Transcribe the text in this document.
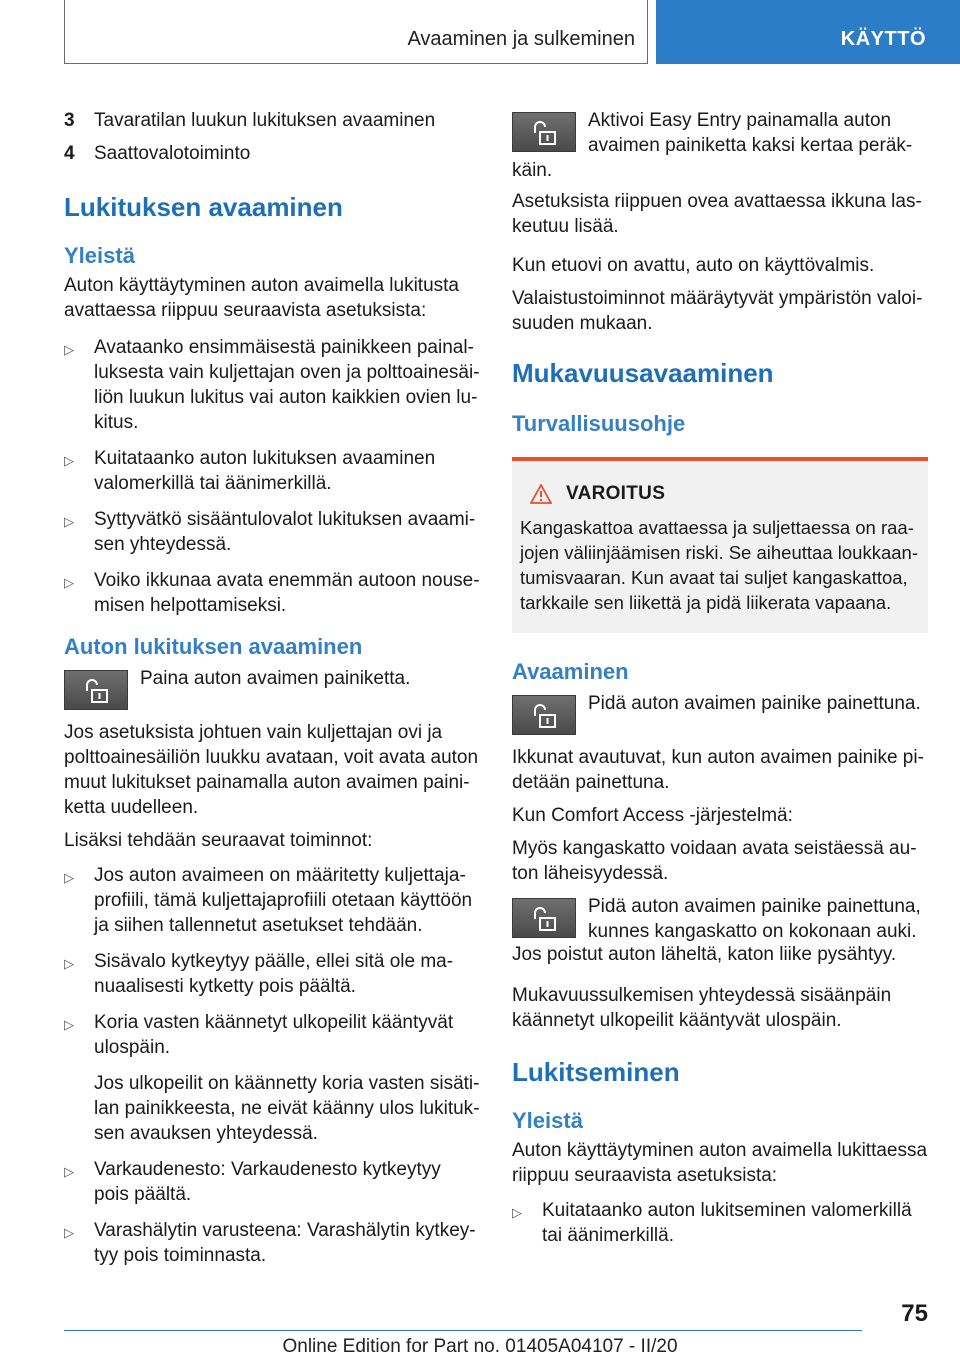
Avaaminen ja sulkeminen	KÄYTTÖ
3	Tavaratilan luukun lukituksen avaaminen
4	Saattovalotoiminto
Lukituksen avaaminen
Yleistä

Auton käyttäytyminen auton avaimella lukitusta avattaessa riippuu seuraavista asetuksista:

▷	Avataanko ensimmäisestä painikkeen painalluksesta vain kuljettajan oven ja polttoainesäiliön luukun lukitus vai auton kaikkien ovien lukitus.
▷	Kuitataanko auton lukituksen avaaminen valomerkillä tai äänimerkillä.
▷	Syttyvätkö sisääntulovalot lukituksen avaamisen yhteydessä.
▷	Voiko ikkunaa avata enemmän autoon nousemisen helpottamiseksi.
Auton lukituksen avaaminen

Paina auton avaimen painiketta.

Jos asetuksista johtuen vain kuljettajan ovi ja polttoainesäiliön luukku avataan, voit avata auton muut lukitukset painamalla auton avaimen painiketta uudelleen.

Lisäksi tehdään seuraavat toiminnot:

▷	Jos auton avaimeen on määritetty kuljettajaprofiili, tämä kuljettajaprofiili otetaan käyttöön ja siihen tallennetut asetukset tehdään.
▷	Sisävalo kytkeytyy päälle, ellei sitä ole manuaalisesti kytketty pois päältä.
▷	Koria vasten käännetyt ulkopeilit kääntyvät ulospäin.
Jos ulkopeilit on käännetty koria vasten sisätilan painikkeesta, ne eivät käänny ulos lukituksen avauksen yhteydessä.
▷	Varkaudenesto: Varkaudenesto kytkeytyy pois päältä.
▷	Varashälytin varusteena: Varashälytin kytkeytyy pois toiminnasta.

Aktivoi Easy Entry painamalla auton avaimen painiketta kaksi kertaa peräkkäin.

Asetuksista riippuen ovea avattaessa ikkuna laskeutuu lisää.

Kun etuovi on avattu, auto on käyttövalmis.

Valaistustoiminnot määräytyvät ympäristön valoisuuden mukaan.

Mukavuusavaaminen
Turvallisuusohje
VAROITUS

Kangaskattoa avattaessa ja suljettaessa on raajojen väliinjäämisen riski. Se aiheuttaa loukkaantumisvaaran. Kun avaat tai suljet kangaskattoa, tarkkaile sen liikettä ja pidä liikerata vapaana.

Avaaminen

Pidä auton avaimen painike painettuna.

Ikkunat avautuvat, kun auton avaimen painike pidetään painettuna.

Kun Comfort Access -järjestelmä:

Myös kangaskatto voidaan avata seistäessä auton läheisyydessä.

Pidä auton avaimen painike painettuna, kunnes kangaskatto on kokonaan auki.

Jos poistut auton läheltä, katon liike pysähtyy.

Mukavuussulkemisen yhteydessä sisäänpäin käännetyt ulkopeilit kääntyvät ulospäin.

Lukitseminen
Yleistä

Auton käyttäytyminen auton avaimella lukittaessa riippuu seuraavista asetuksista:

▷	Kuitataanko auton lukitseminen valomerkillä tai äänimerkillä.
75
Online Edition for Part no. 01405A04107 - II/20
